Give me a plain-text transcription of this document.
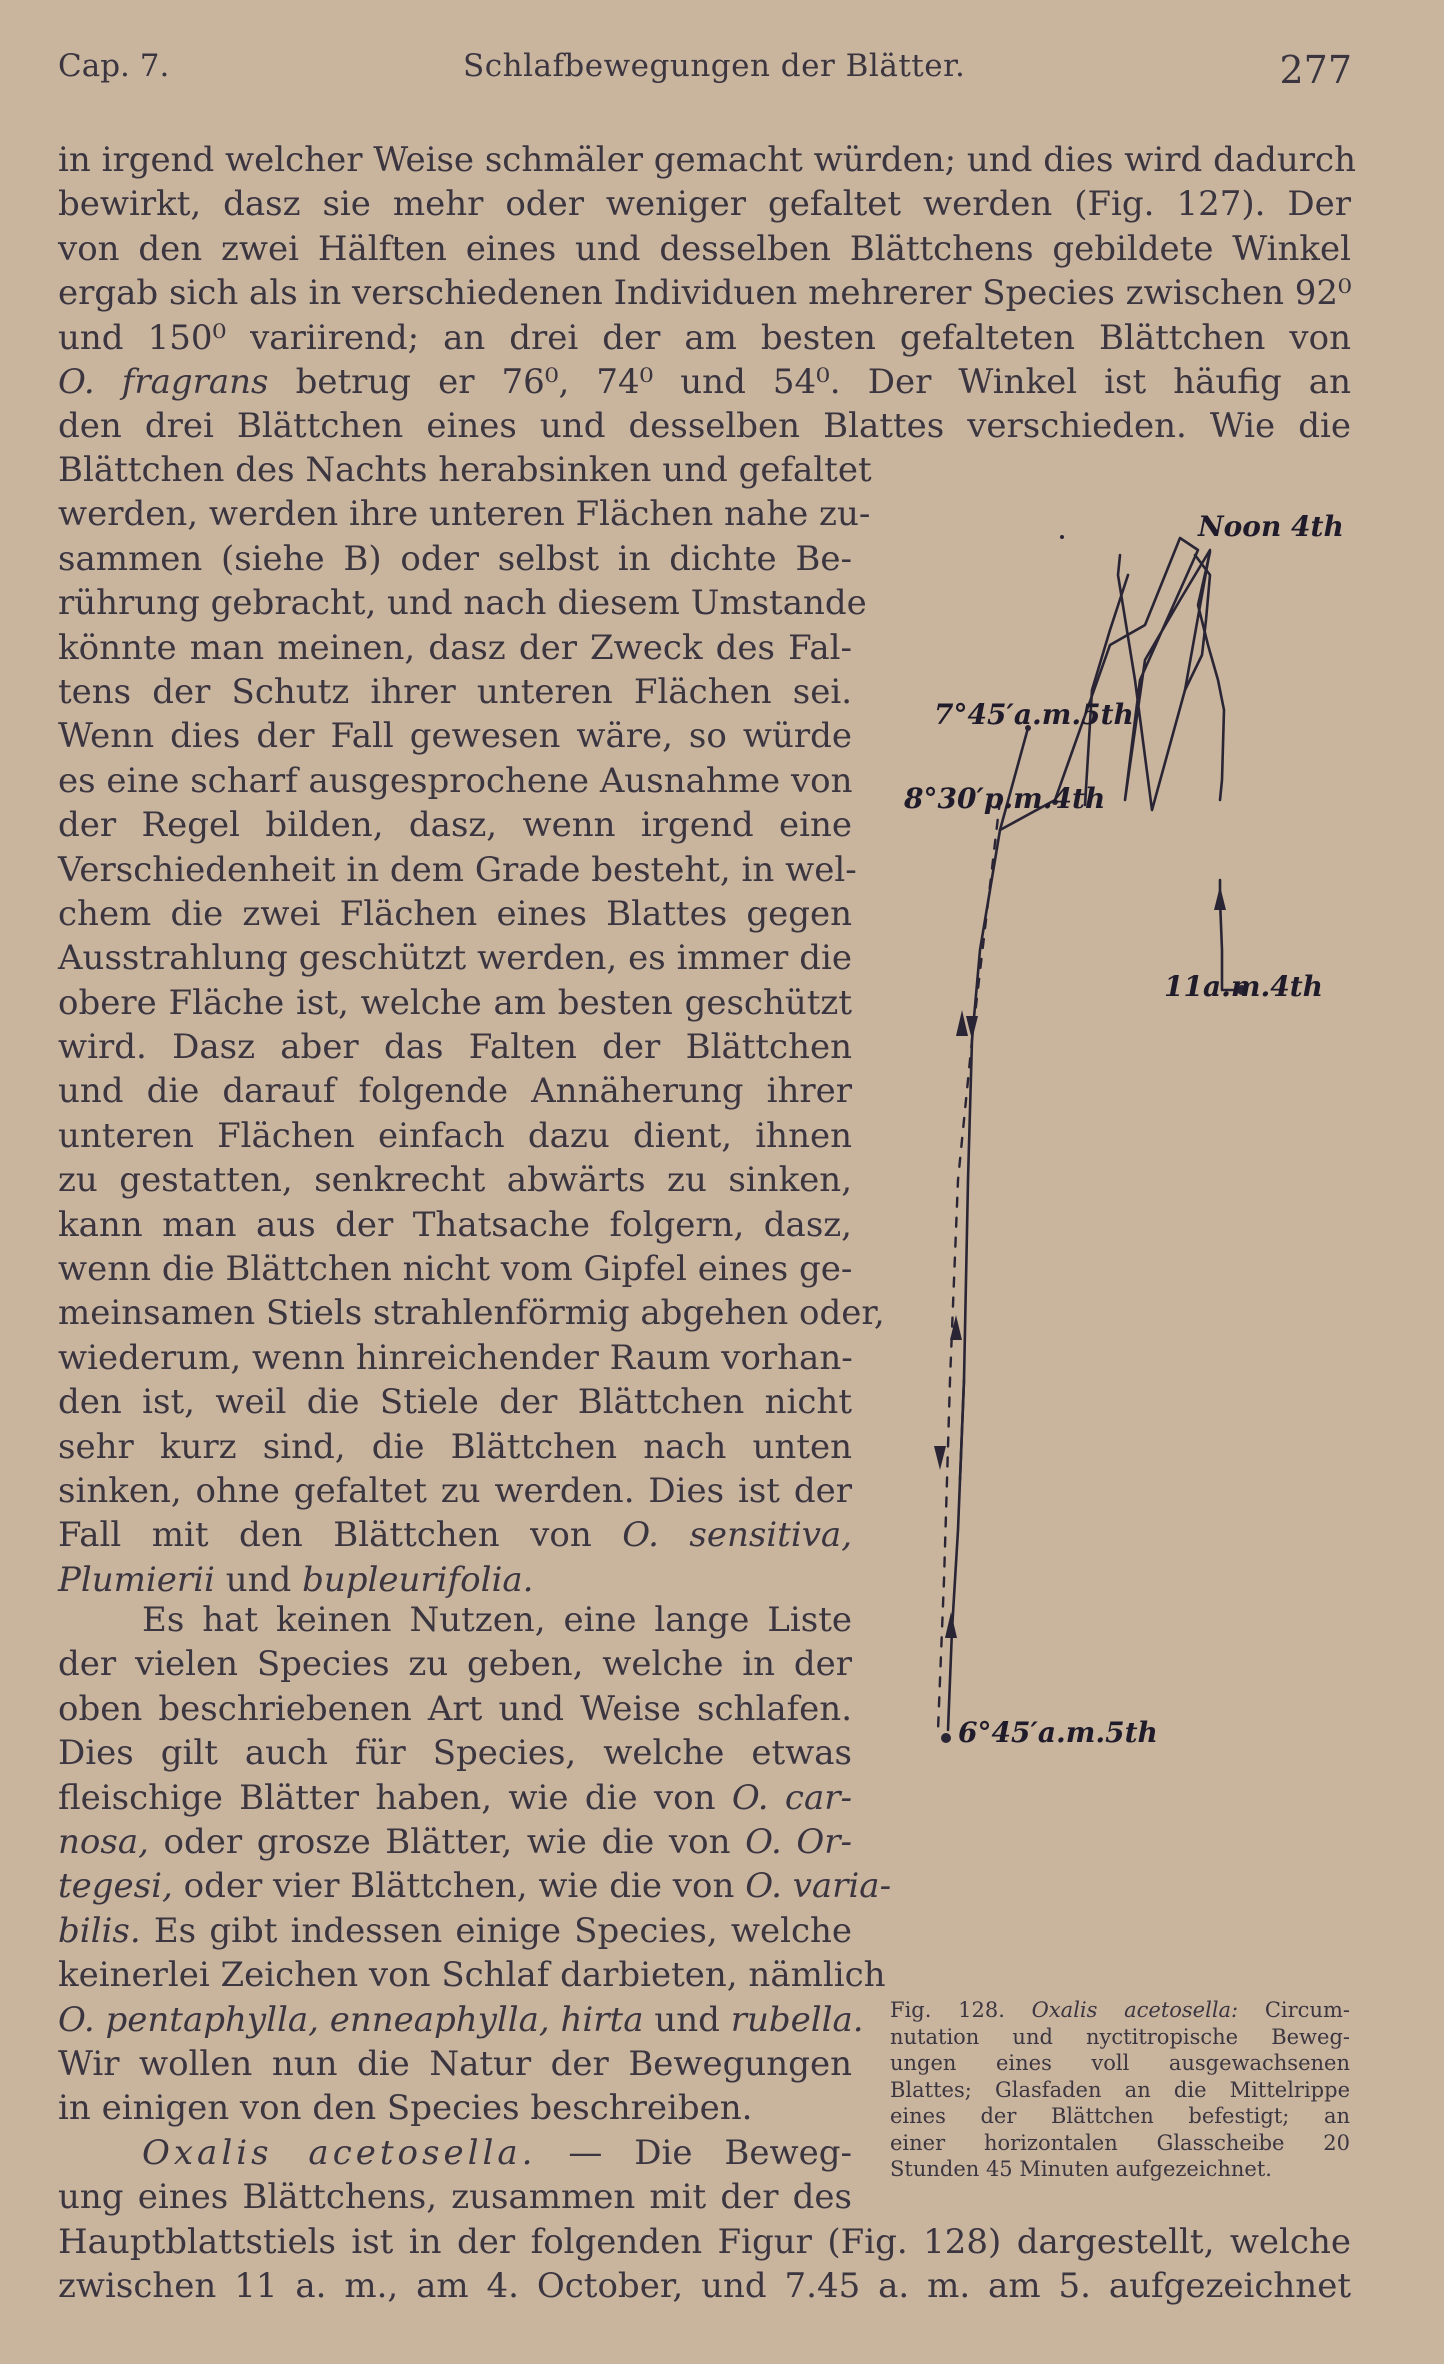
Cap. 7.	Schlafbewegungen der Blätter.	277
in irgend welcher Weise schmäler gemacht würden; und dies wird dadurch
bewirkt, dasz sie mehr oder weniger gefaltet werden (Fig. 127). Der
von den zwei Hälften eines und desselben Blättchens gebildete Winkel
ergab sich als in verschiedenen Individuen mehrerer Species zwischen 92⁰
und 150⁰ variirend; an drei der am besten gefalteten Blättchen von
O. fragrans betrug er 76⁰, 74⁰ und 54⁰. Der Winkel ist häufig an
den drei Blättchen eines und desselben Blattes verschieden. Wie die
Blättchen des Nachts herabsinken und gefaltet
werden, werden ihre unteren Flächen nahe zu-
sammen (siehe B) oder selbst in dichte Be-
rührung gebracht, und nach diesem Umstande
könnte man meinen, dasz der Zweck des Fal-
tens der Schutz ihrer unteren Flächen sei.
Wenn dies der Fall gewesen wäre, so würde
es eine scharf ausgesprochene Ausnahme von
der Regel bilden, dasz, wenn irgend eine
Verschiedenheit in dem Grade besteht, in wel-
chem die zwei Flächen eines Blattes gegen
Ausstrahlung geschützt werden, es immer die
obere Fläche ist, welche am besten geschützt
wird. Dasz aber das Falten der Blättchen
und die darauf folgende Annäherung ihrer
unteren Flächen einfach dazu dient, ihnen
zu gestatten, senkrecht abwärts zu sinken,
kann man aus der Thatsache folgern, dasz,
wenn die Blättchen nicht vom Gipfel eines ge-
meinsamen Stiels strahlenförmig abgehen oder,
wiederum, wenn hinreichender Raum vorhan-
den ist, weil die Stiele der Blättchen nicht
sehr kurz sind, die Blättchen nach unten
sinken, ohne gefaltet zu werden. Dies ist der
Fall mit den Blättchen von O. sensitiva,
Plumierii und bupleurifolia.
Es hat keinen Nutzen, eine lange Liste
der vielen Species zu geben, welche in der
oben beschriebenen Art und Weise schlafen.
Dies gilt auch für Species, welche etwas
fleischige Blätter haben, wie die von O. car-
nosa, oder grosze Blätter, wie die von O. Or-
tegesi, oder vier Blättchen, wie die von O. varia-
bilis. Es gibt indessen einige Species, welche
keinerlei Zeichen von Schlaf darbieten, nämlich
O. pentaphylla, enneaphylla, hirta und rubella.
Wir wollen nun die Natur der Bewegungen
in einigen von den Species beschreiben.
Oxalis acetosella. — Die Beweg-
ung eines Blättchens, zusammen mit der des
Hauptblattstiels ist in der folgenden Figur (Fig. 128) dargestellt, welche
zwischen 11 a. m., am 4. October, und 7.45 a. m. am 5. aufgezeichnet
Noon 4th
7°45′a.m.5th
8°30′p.m.4th
11a.m.4th
6°45′a.m.5th
Fig. 128. Oxalis acetosella: Circum-
nutation und nyctitropische Beweg-
ungen eines voll ausgewachsenen
Blattes; Glasfaden an die Mittelrippe
eines der Blättchen befestigt; an
einer horizontalen Glasscheibe 20
Stunden 45 Minuten aufgezeichnet.
